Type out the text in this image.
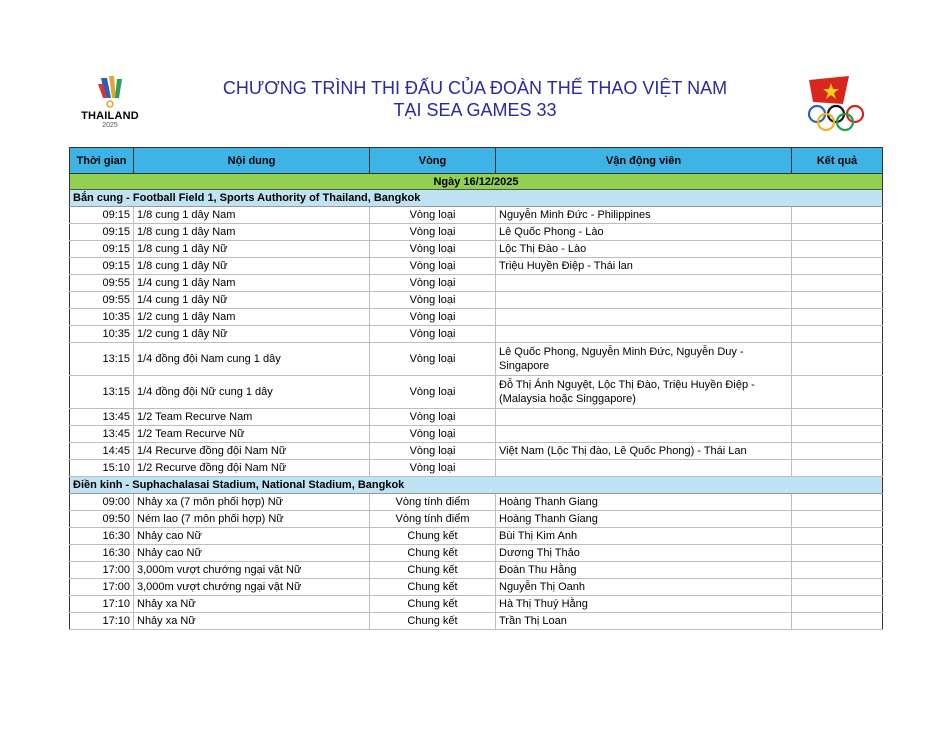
THAILAND
2025
CHƯƠNG TRÌNH THI ĐẤU CỦA ĐOÀN THỂ THAO VIỆT NAM
TẠI SEA GAMES 33
Thời gian	Nội dung	Vòng	Vận động viên	Kết quả
Ngày 16/12/2025				
Bắn cung - Football Field 1, Sports Authority of Thailand, Bangkok				
09:15	1/8 cung 1 dây Nam	Vòng loại	Nguyễn Minh Đức - Philippines	
09:15	1/8 cung 1 dây Nam	Vòng loại	Lê Quốc Phong - Lào	
09:15	1/8 cung 1 dây Nữ	Vòng loại	Lộc Thị Đào - Lào	
09:15	1/8 cung 1 dây Nữ	Vòng loại	Triệu Huyền Điệp - Thái lan	
09:55	1/4 cung 1 dây Nam	Vòng loại		
09:55	1/4 cung 1 dây Nữ	Vòng loại		
10:35	1/2 cung 1 dây Nam	Vòng loại		
10:35	1/2 cung 1 dây Nữ	Vòng loại		
13:15	1/4 đồng đội Nam cung 1 dây	Vòng loại	Lê Quốc Phong, Nguyễn Minh Đức, Nguyễn Duy - Singapore	
13:15	1/4 đồng đội Nữ cung 1 dây	Vòng loại	Đỗ Thị Ánh Nguyệt, Lộc Thị Đào, Triệu Huyền Điệp - (Malaysia hoặc Singgapore)	
13:45	1/2 Team Recurve Nam	Vòng loại		
13:45	1/2 Team Recurve Nữ	Vòng loại		
14:45	1/4 Recurve đồng đội Nam Nữ	Vòng loại	Việt Nam (Lộc Thị đào, Lê Quốc Phong) - Thái Lan	
15:10	1/2 Recurve đồng đội Nam Nữ	Vòng loại		
Điền kinh - Suphachalasai Stadium, National Stadium, Bangkok				
09:00	Nhảy xa (7 môn phối hợp) Nữ	Vòng tính điểm	Hoàng Thanh Giang	
09:50	Ném lao (7 môn phối hợp) Nữ	Vòng tính điểm	Hoàng Thanh Giang	
16:30	Nhảy cao Nữ	Chung kết	Bùi Thị Kim Anh	
16:30	Nhảy cao Nữ	Chung kết	Dương Thị Thảo	
17:00	3,000m vượt chướng ngại vật Nữ	Chung kết	Đoàn Thu Hằng	
17:00	3,000m vượt chướng ngại vật Nữ	Chung kết	Nguyễn Thị Oanh	
17:10	Nhảy xa Nữ	Chung kết	Hà Thị Thuý Hằng	
17:10	Nhảy xa Nữ	Chung kết	Trần Thị Loan	
